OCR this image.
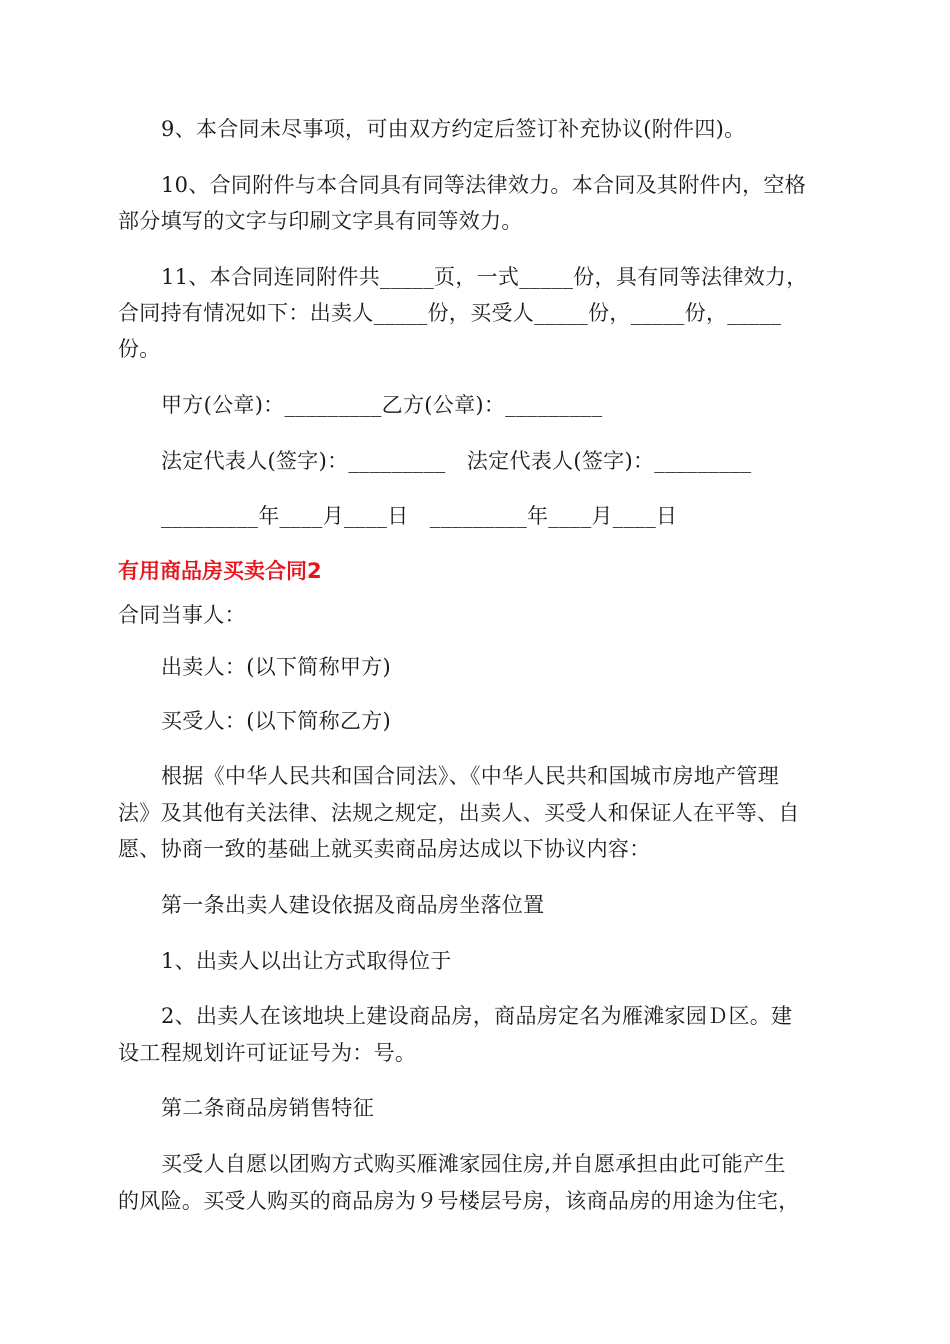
9、本合同未尽事项，可由双方约定后签订补充协议(附件四)。
10、合同附件与本合同具有同等法律效力。本合同及其附件内，空格
部分填写的文字与印刷文字具有同等效力。
11、本合同连同附件共_____页，一式_____份，具有同等法律效力，
合同持有情况如下：出卖人_____份，买受人_____份，_____份，_____
份。
甲方(公章)：_________乙方(公章)：_________
法定代表人(签字)：_________　法定代表人(签字)：_________
_________年____月____日　_________年____月____日
有用商品房买卖合同2
合同当事人：
出卖人：(以下简称甲方)
买受人：(以下简称乙方)
根据《中华人民共和国合同法》、《中华人民共和国城市房地产管理
法》及其他有关法律、法规之规定，出卖人、买受人和保证人在平等、自
愿、协商一致的基础上就买卖商品房达成以下协议内容：
第一条出卖人建设依据及商品房坐落位置
1、出卖人以出让方式取得位于
2、出卖人在该地块上建设商品房，商品房定名为雁滩家园Ｄ区。建
设工程规划许可证证号为：号。
第二条商品房销售特征
买受人自愿以团购方式购买雁滩家园住房,并自愿承担由此可能产生
的风险。买受人购买的商品房为９号楼层号房，该商品房的用途为住宅，
